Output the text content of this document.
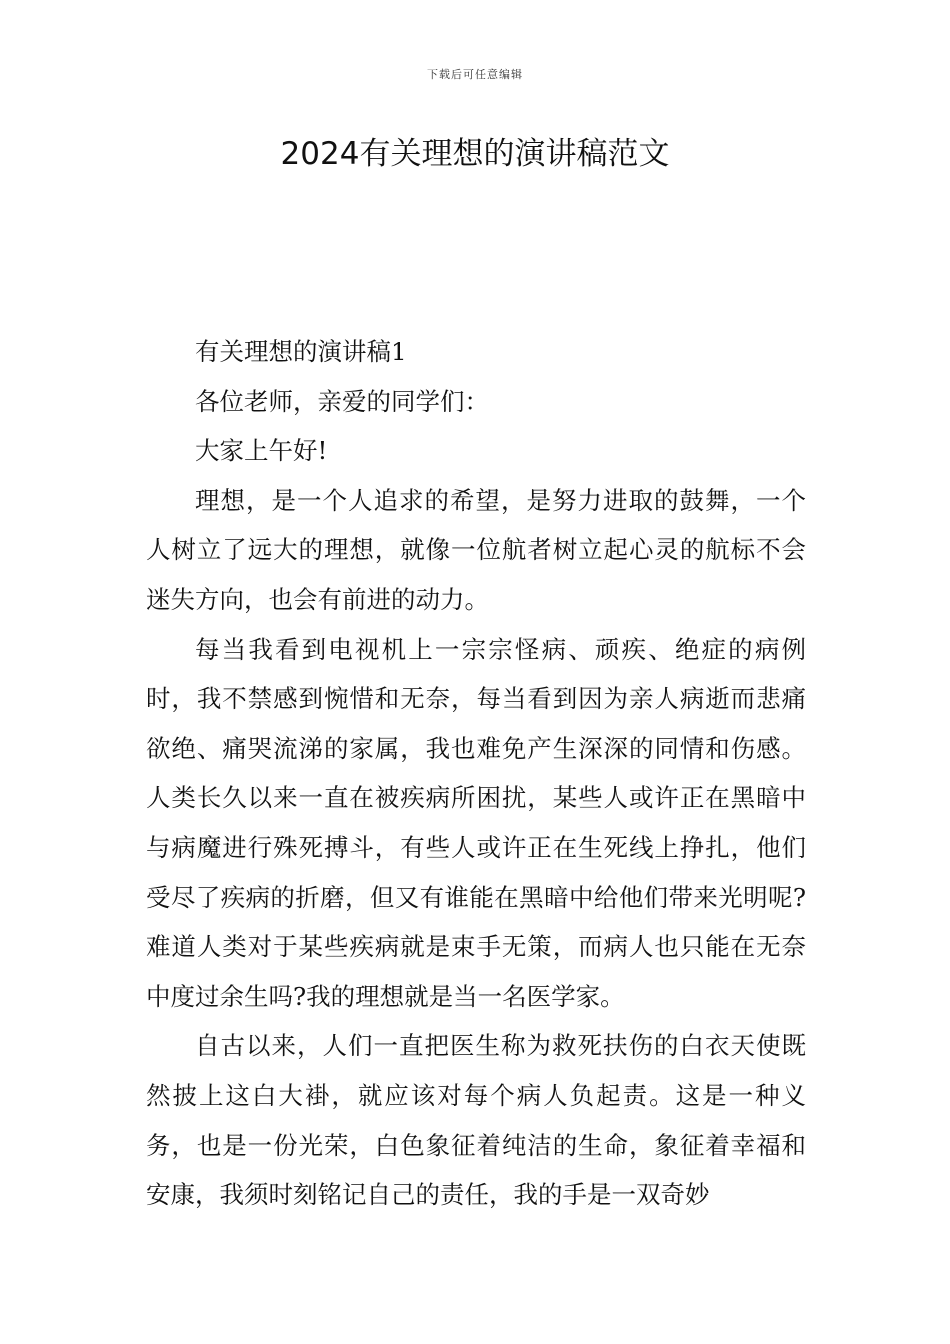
下载后可任意编辑
2024有关理想的演讲稿范文

有关理想的演讲稿1

各位老师，亲爱的同学们：

大家上午好!

理想，是一个人追求的希望，是努力进取的鼓舞，一个人树立了远大的理想，就像一位航者树立起心灵的航标不会迷失方向，也会有前进的动力。

每当我看到电视机上一宗宗怪病、顽疾、绝症的病例时，我不禁感到惋惜和无奈，每当看到因为亲人病逝而悲痛欲绝、痛哭流涕的家属，我也难免产生深深的同情和伤感。人类长久以来一直在被疾病所困扰，某些人或许正在黑暗中与病魔进行殊死搏斗，有些人或许正在生死线上挣扎，他们受尽了疾病的折磨，但又有谁能在黑暗中给他们带来光明呢?难道人类对于某些疾病就是束手无策，而病人也只能在无奈中度过余生吗?我的理想就是当一名医学家。

自古以来，人们一直把医生称为救死扶伤的白衣天使既然披上这白大褂，就应该对每个病人负起责。这是一种义务，也是一份光荣，白色象征着纯洁的生命，象征着幸福和安康，我须时刻铭记自己的责任，我的手是一双奇妙
